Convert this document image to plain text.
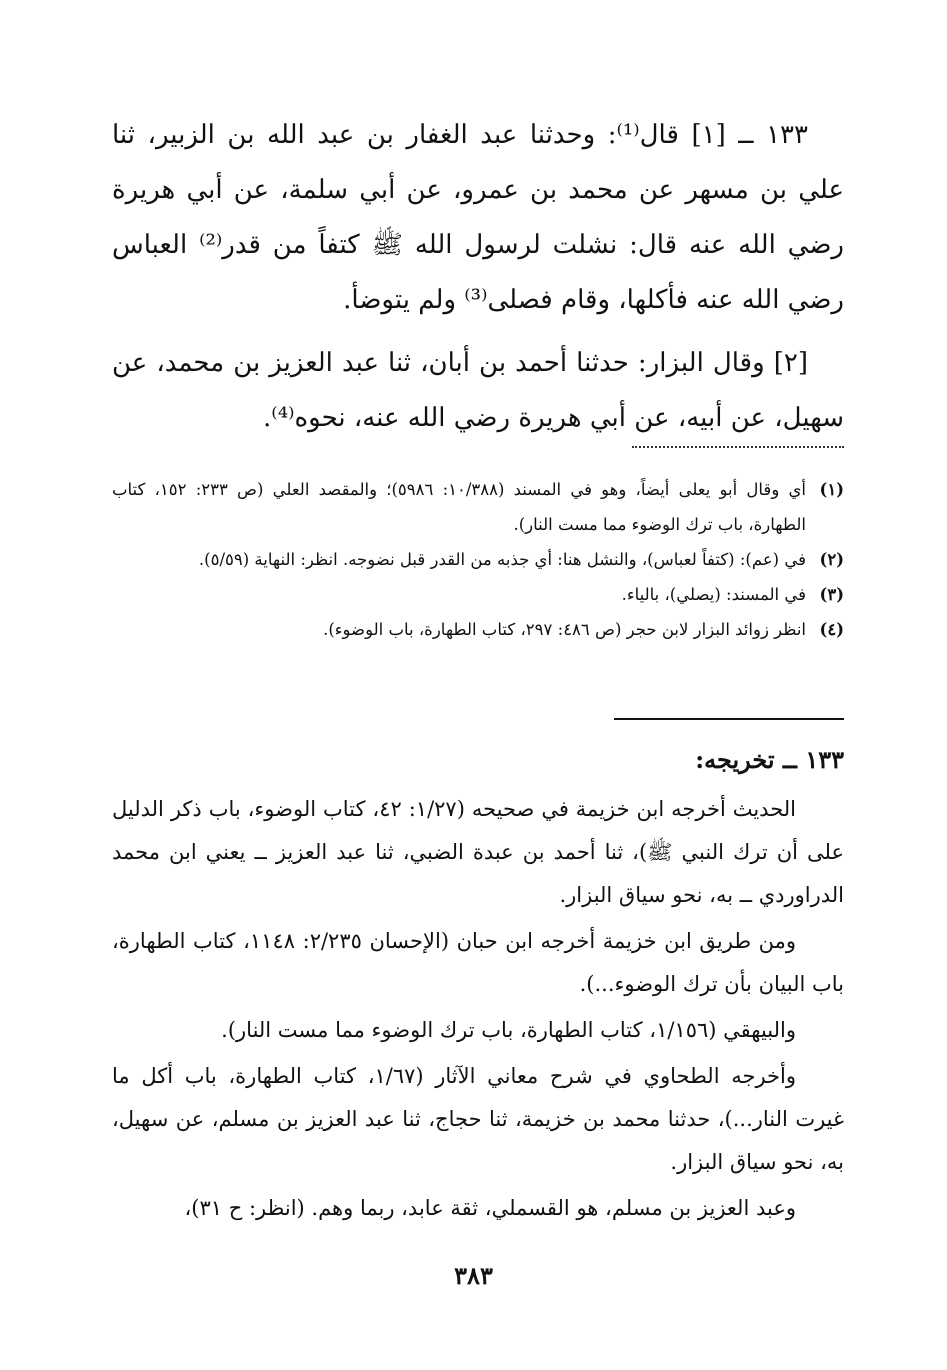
١٣٣ ــ [١] قال⁽¹⁾: وحدثنا عبد الغفار بن عبد الله بن الزبير، ثنا علي بن مسهر عن محمد بن عمرو، عن أبي سلمة، عن أبي هريرة رضي الله عنه قال: نشلت لرسول الله ﷺ كتفاً من قدر⁽²⁾ العباس رضي الله عنه فأكلها، وقام فصلى⁽³⁾ ولم يتوضأ.

[٢] وقال البزار: حدثنا أحمد بن أبان، ثنا عبد العزيز بن محمد، عن سهيل، عن أبيه، عن أبي هريرة رضي الله عنه، نحوه⁽⁴⁾.

(١)
أي وقال أبو يعلى أيضاً، وهو في المسند (١٠/٣٨٨: ٥٩٨٦)؛ والمقصد العلي (ص ٢٣٣: ١٥٢، كتاب الطهارة، باب ترك الوضوء مما مست النار).
(٢)
في (عم): (كتفاً لعباس)، والنشل هنا: أي جذبه من القدر قبل نضوجه. انظر: النهاية (٥/٥٩).
(٣)
في المسند: (يصلي)، بالياء.
(٤)
انظر زوائد البزار لابن حجر (ص ٤٨٦: ٢٩٧، كتاب الطهارة، باب الوضوء).
١٣٣ ــ تخريجه:

الحديث أخرجه ابن خزيمة في صحيحه (١/٢٧: ٤٢، كتاب الوضوء، باب ذكر الدليل على أن ترك النبي ﷺ)، ثنا أحمد بن عبدة الضبي، ثنا عبد العزيز ــ يعني ابن محمد الدراوردي ــ به، نحو سياق البزار.

ومن طريق ابن خزيمة أخرجه ابن حبان (الإحسان ٢/٢٣٥: ١١٤٨، كتاب الطهارة، باب البيان بأن ترك الوضوء...).

والبيهقي (١/١٥٦، كتاب الطهارة، باب ترك الوضوء مما مست النار).

وأخرجه الطحاوي في شرح معاني الآثار (١/٦٧، كتاب الطهارة، باب أكل ما غيرت النار...)، حدثنا محمد بن خزيمة، ثنا حجاج، ثنا عبد العزيز بن مسلم، عن سهيل، به، نحو سياق البزار.

وعبد العزيز بن مسلم، هو القسملي، ثقة عابد، ربما وهم. (انظر: ح ٣١)،

٣٨٣
